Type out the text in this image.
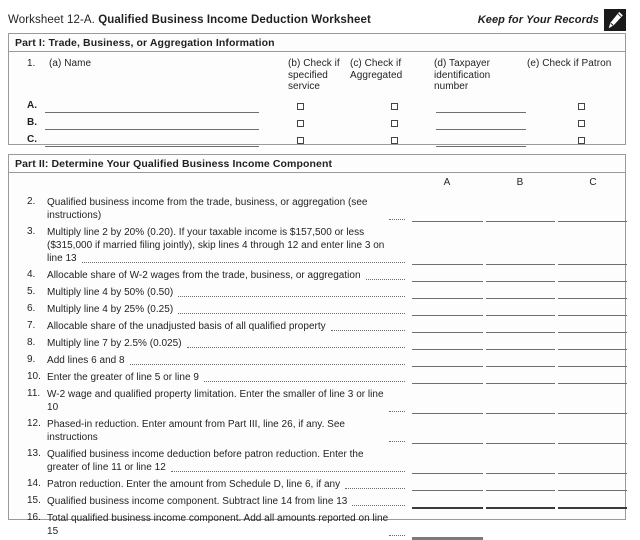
Worksheet 12-A. Qualified Business Income Deduction Worksheet	Keep for Your Records
Part I: Trade, Business, or Aggregation Information
1. (a) Name	(b) Check if specified service
(c) Check if Aggregated
(d) Taxpayer identification number
(e) Check if Patron
A.
B.
C.
Part II: Determine Your Qualified Business Income Component
A	B	C
2. Qualified business income from the trade, business, or aggregation (see instructions)
3. Multiply line 2 by 20% (0.20). If your taxable income is $157,500 or less ($315,000 if married filing jointly), skip lines 4 through 12 and enter line 3 on line 13
4. Allocable share of W-2 wages from the trade, business, or aggregation
5. Multiply line 4 by 50% (0.50)
6. Multiply line 4 by 25% (0.25)
7. Allocable share of the unadjusted basis of all qualified property
8. Multiply line 7 by 2.5% (0.025)
9. Add lines 6 and 8
10. Enter the greater of line 5 or line 9
11. W-2 wage and qualified property limitation. Enter the smaller of line 3 or line 10
12. Phased-in reduction. Enter amount from Part III, line 26, if any. See instructions
13. Qualified business income deduction before patron reduction. Enter the greater of line 11 or line 12
14. Patron reduction. Enter the amount from Schedule D, line 6, if any
15. Qualified business income component. Subtract line 14 from line 13
16. Total qualified business income component. Add all amounts reported on line 15
